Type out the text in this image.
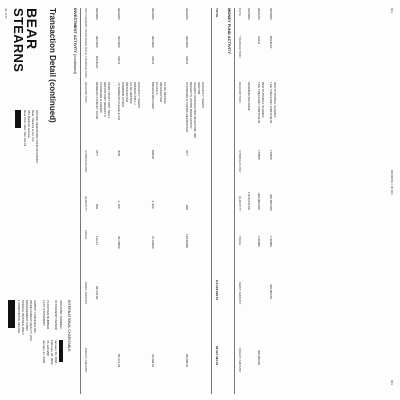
BEAR
STEARNS
42 of 87
OFFICE SERVICING YOUR ACCOUNT
Bear, Stearns & Co. Inc.
383 Madison Avenue
New York, New York 10179
Transaction Detail (continued)
INTERNATIONAL CHARITABLE
ACCOUNT NUMBER
STATEMENT PERIOD
January 29, 2002 -
February 28, 2002
TAXPAYER NUMBER
72-1221298
LAST STATEMENT
January 31, 2002
SUBMIT THROUGH ON
WAKE FOREST REALTY (SS)
MANAGEMENT FUND
SPECIAL BRANCH ONLY
1 CORPORATE OFFICE
INVESTMENT ACTIVITY (continued)
SETTLEMENT DATE
TRADE DATE
TRANSACTION
DESCRIPTION
SYMBOL/CUSIP
QUANTITY
PRICE
DEBIT AMOUNT
CREDIT AMOUNT
02/20/02
02/15/02
BOUGHT
MORGAN STANLEY SPDR STANDARD & POORS DEPOSITARY RECEIPTS SPDR TRUST UNIT SER 1
SPY
800
110.41
88,370.00
02/22/02
02/19/02
SOLD
J P MORGAN CHASE & CO COMMON STOCK UNSOLICITED AS OF 02/15/02 ORDER# 2457-J CAPACITY: AGENT
JPM
-1,700
29.70000
50,471.24
02/22/02
02/19/02
SOLD
BROADCOM CORP CLASS A UNSOLICITED AS OF 02/15/02
BRCM
-1,300
27.04900
35,099.61
02/22/02
02/19/02
SOLD
STANDARD & POORS DEPOSITARY RECEIPTS (SPDR) BOOK ENTRY SHARES UNSOLICITED INVESTOR, INC SECTOR CAPACITY: AGENT
SPY
-900
110.00000
98,995.01
TOTAL
$-4,019,638.51
$3,427,492.24
MONEY FUND ACTIVITY DATE
TRANSACTION
DESCRIPTION
SYMBOL/CUSIP
QUANTITY
PRICE
DEBIT AMOUNT
CREDIT AMOUNT
01/28/02
OPENING BALANCE
1,818,670.69
02/01/02
SOLD
THE TREASURY PORTFOLIO INSTITUTIONAL SHARES
TPI565
-400,000.000
1.00000
400,000.00
02/08/02
BOUGHT
THE TREASURY PORTFOLIO INSTITUTIONAL SHARES
TPI565
300,000.000
1.00000
300,000.00
001
00000001 / 00 001
001
